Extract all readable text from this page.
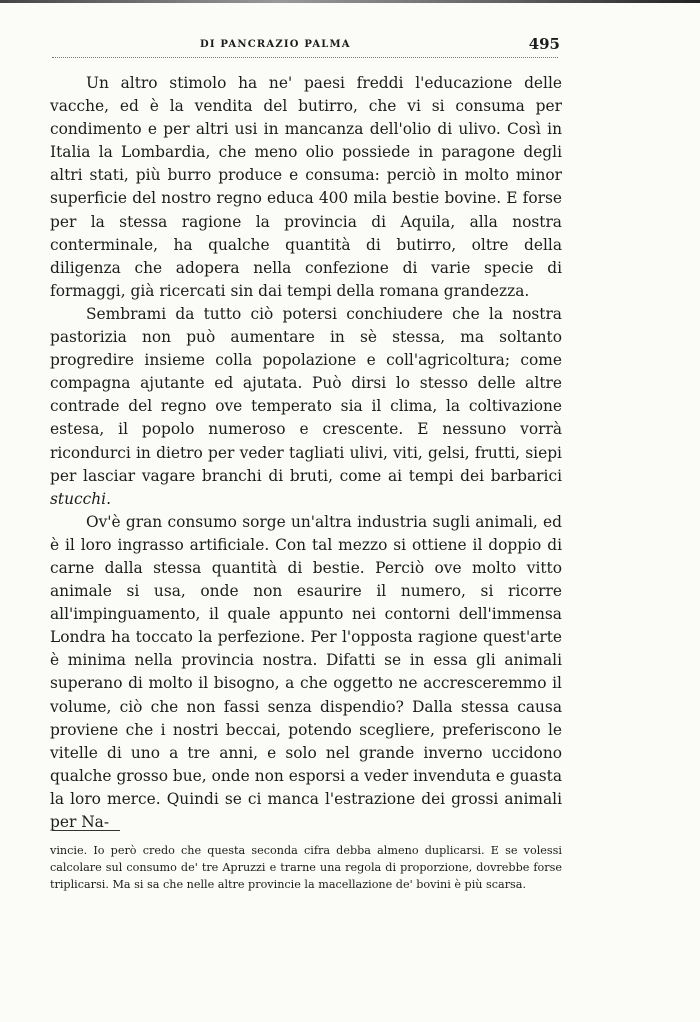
DI PANCRAZIO PALMA	495

Un altro stimolo ha ne' paesi freddi l'educazione delle vacche, ed è la vendita del butirro, che vi si consuma per condimento e per altri usi in mancanza dell'olio di ulivo. Così in Italia la Lombardia, che meno olio possiede in paragone degli altri stati, più burro produce e consuma: perciò in molto minor superficie del nostro regno educa 400 mila bestie bovine. E forse per la stessa ragione la provincia di Aquila, alla nostra conterminale, ha qualche quantità di butirro, oltre della diligenza che adopera nella confezione di varie specie di formaggi, già ricercati sin dai tempi della romana grandezza.

Sembrami da tutto ciò potersi conchiudere che la nostra pastorizia non può aumentare in sè stessa, ma soltanto progredire insieme colla popolazione e coll'agricoltura; come compagna ajutante ed ajutata. Può dirsi lo stesso delle altre contrade del regno ove temperato sia il clima, la coltivazione estesa, il popolo numeroso e crescente. E nessuno vorrà ricondurci in dietro per veder tagliati ulivi, viti, gelsi, frutti, siepi per lasciar vagare branchi di bruti, come ai tempi dei barbarici stucchi.

Ov'è gran consumo sorge un'altra industria sugli animali, ed è il loro ingrasso artificiale. Con tal mezzo si ottiene il doppio di carne dalla stessa quantità di bestie. Perciò ove molto vitto animale si usa, onde non esaurire il numero, si ricorre all'impinguamento, il quale appunto nei contorni dell'immensa Londra ha toccato la perfezione. Per l'opposta ragione quest'arte è minima nella provincia nostra. Difatti se in essa gli animali superano di molto il bisogno, a che oggetto ne accresceremmo il volume, ciò che non fassi senza dispendio? Dalla stessa causa proviene che i nostri beccai, potendo scegliere, preferiscono le vitelle di uno a tre anni, e solo nel grande inverno uccidono qualche grosso bue, onde non esporsi a veder invenduta e guasta la loro merce. Quindi se ci manca l'estrazione dei grossi animali per Na-

vincie. Io però credo che questa seconda cifra debba almeno duplicarsi. E se volessi calcolare sul consumo de' tre Apruzzi e trarne una regola di proporzione, dovrebbe forse triplicarsi. Ma si sa che nelle altre provincie la macellazione de' bovini è più scarsa.
